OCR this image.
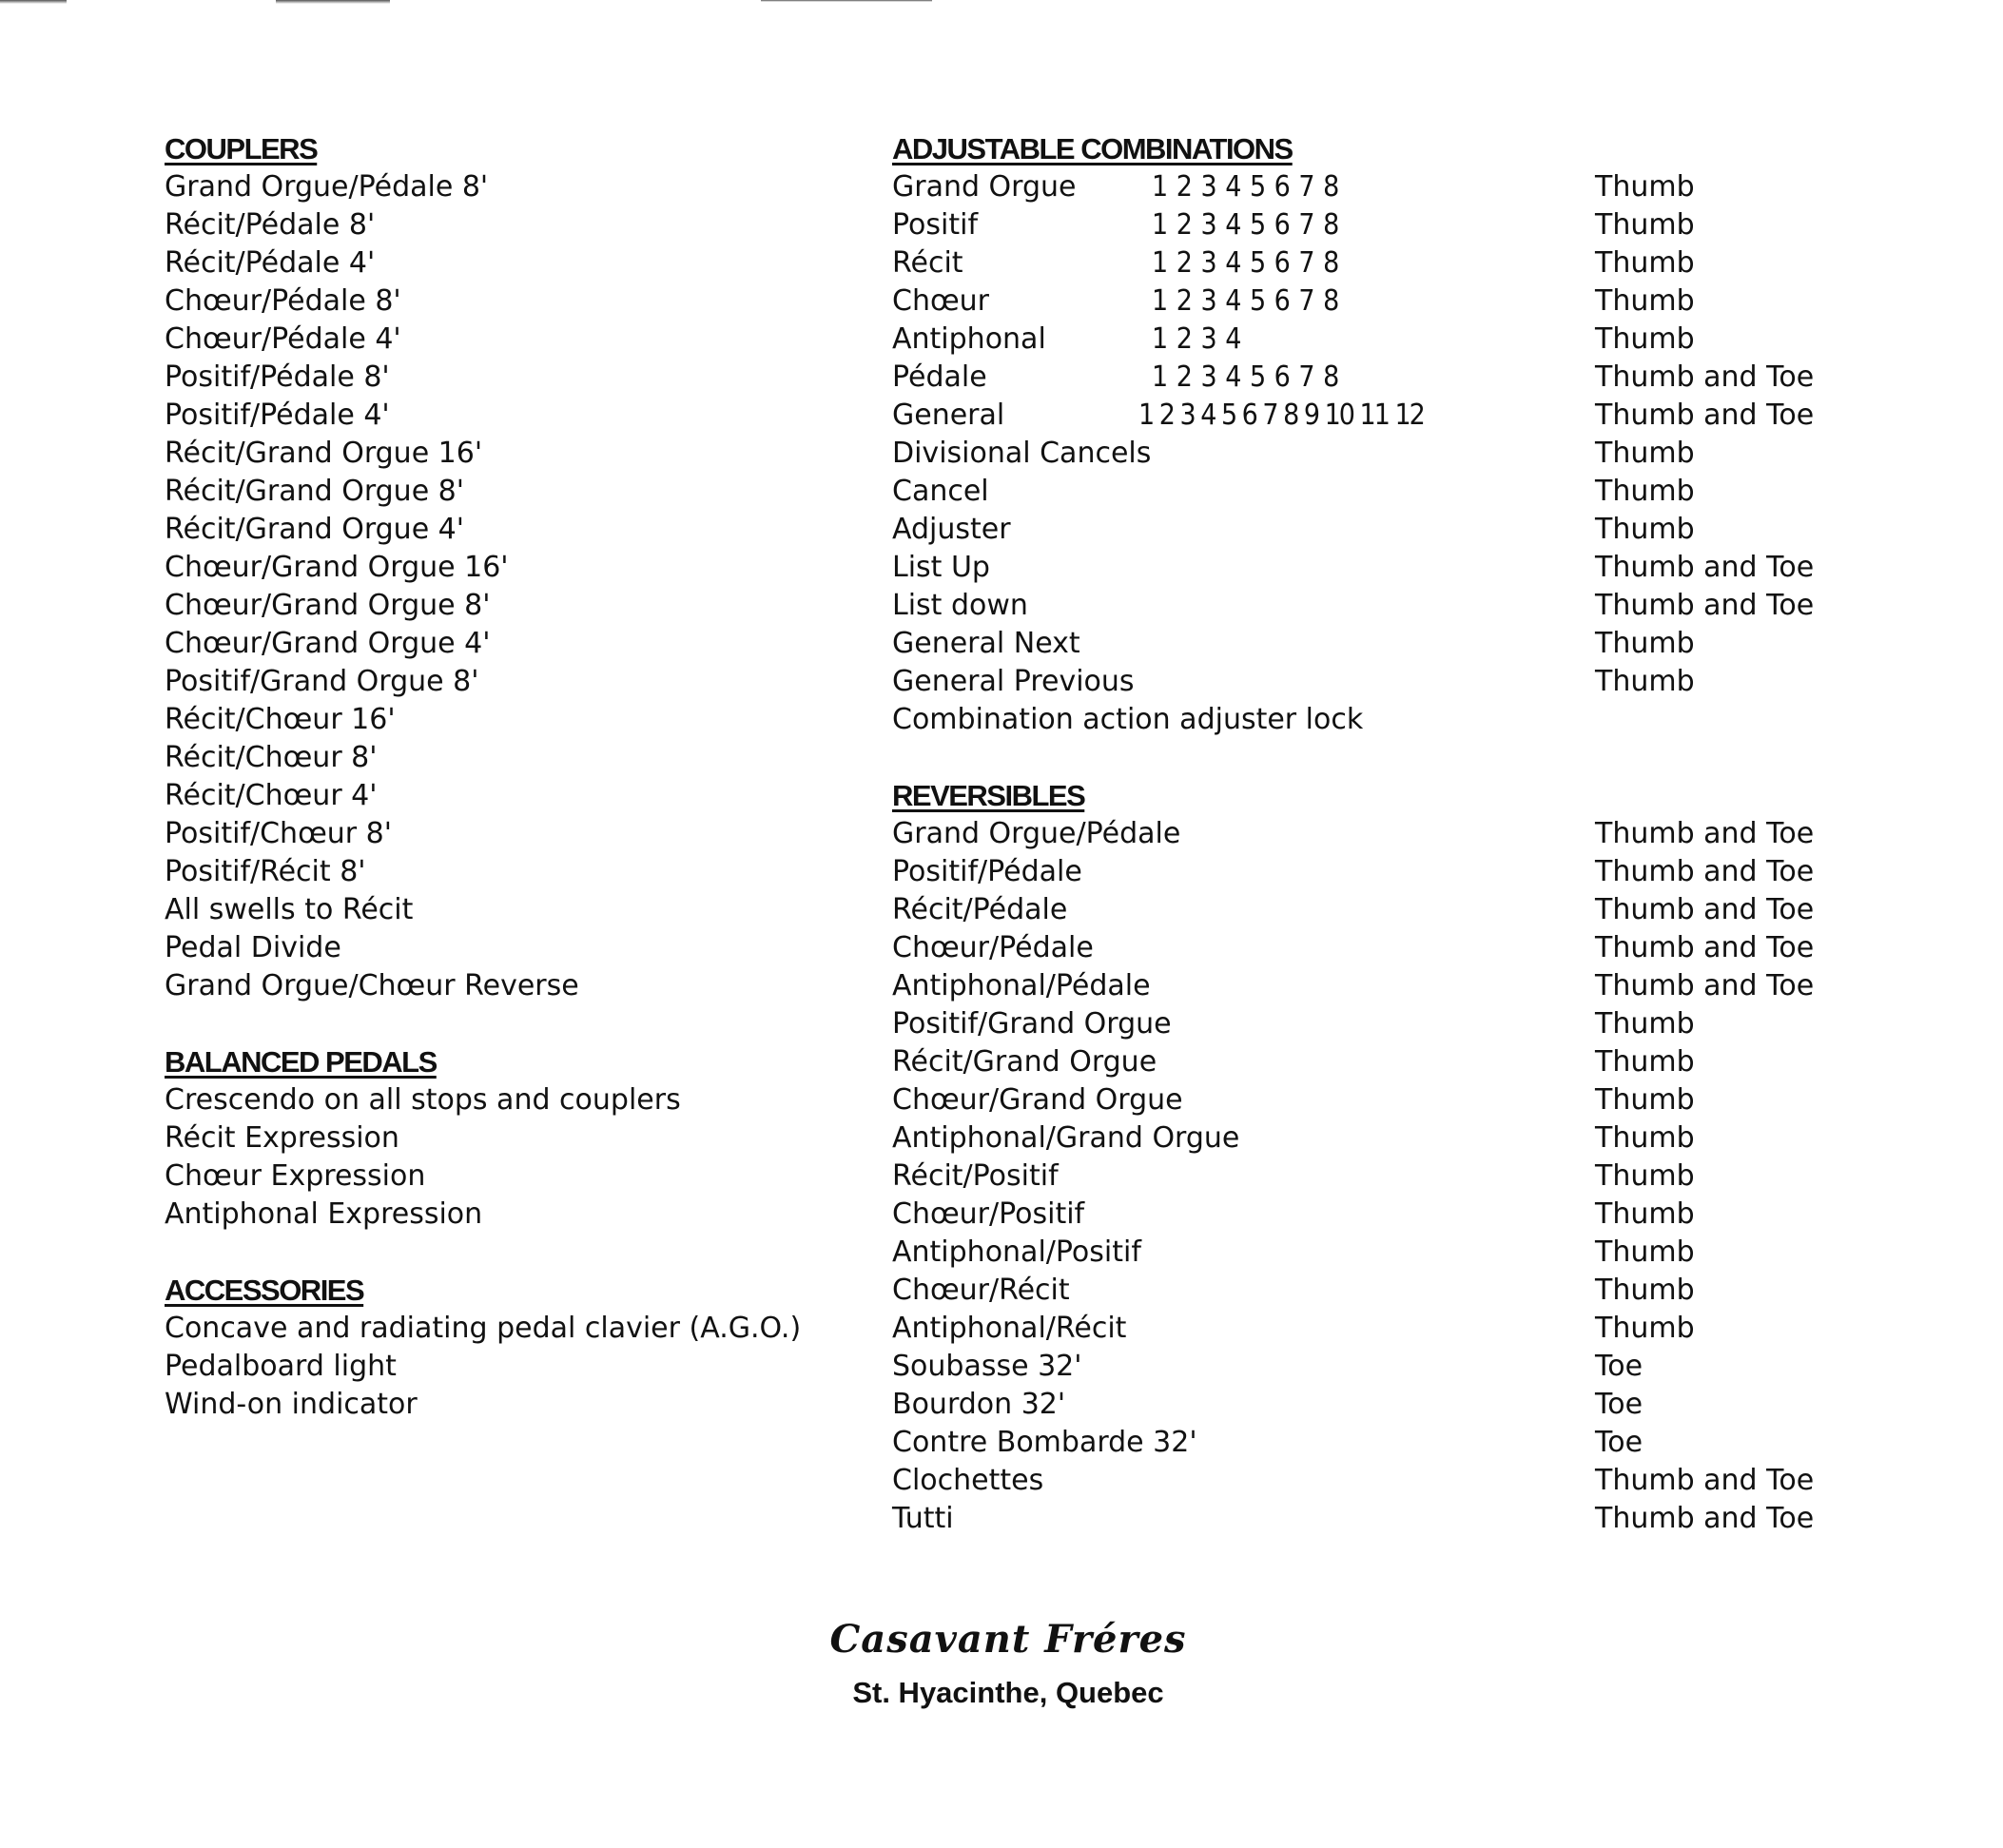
COUPLERS
Grand Orgue/Pédale 8'
Récit/Pédale 8'
Récit/Pédale 4'
Chœur/Pédale 8'
Chœur/Pédale 4'
Positif/Pédale 8'
Positif/Pédale 4'
Récit/Grand Orgue 16'
Récit/Grand Orgue 8'
Récit/Grand Orgue 4'
Chœur/Grand Orgue 16'
Chœur/Grand Orgue 8'
Chœur/Grand Orgue 4'
Positif/Grand Orgue 8'
Récit/Chœur 16'
Récit/Chœur 8'
Récit/Chœur 4'
Positif/Chœur 8'
Positif/Récit 8'
All swells to Récit
Pedal Divide
Grand Orgue/Chœur Reverse
BALANCED PEDALS
Crescendo on all stops and couplers
Récit Expression
Chœur Expression
Antiphonal Expression
ACCESSORIES
Concave and radiating pedal clavier (A.G.O.)
Pedalboard light
Wind-on indicator
ADJUSTABLE COMBINATIONS
Grand Orgue	1 2 3 4 5 6 7 8	Thumb
Positif	1 2 3 4 5 6 7 8	Thumb
Récit	1 2 3 4 5 6 7 8	Thumb
Chœur	1 2 3 4 5 6 7 8	Thumb
Antiphonal	1 2 3 4	Thumb
Pédale	1 2 3 4 5 6 7 8	Thumb and Toe
General	1 2 3 4 5 6 7 8 9 10 11 12	Thumb and Toe
Divisional Cancels	Thumb
Cancel	Thumb
Adjuster	Thumb
List Up	Thumb and Toe
List down	Thumb and Toe
General Next	Thumb
General Previous	Thumb
Combination action adjuster lock
REVERSIBLES
Grand Orgue/Pédale	Thumb and Toe
Positif/Pédale	Thumb and Toe
Récit/Pédale	Thumb and Toe
Chœur/Pédale	Thumb and Toe
Antiphonal/Pédale	Thumb and Toe
Positif/Grand Orgue	Thumb
Récit/Grand Orgue	Thumb
Chœur/Grand Orgue	Thumb
Antiphonal/Grand Orgue	Thumb
Récit/Positif	Thumb
Chœur/Positif	Thumb
Antiphonal/Positif	Thumb
Chœur/Récit	Thumb
Antiphonal/Récit	Thumb
Soubasse 32'	Toe
Bourdon 32'	Toe
Contre Bombarde 32'	Toe
Clochettes	Thumb and Toe
Tutti	Thumb and Toe
Casavant Fréres
St. Hyacinthe, Quebec
